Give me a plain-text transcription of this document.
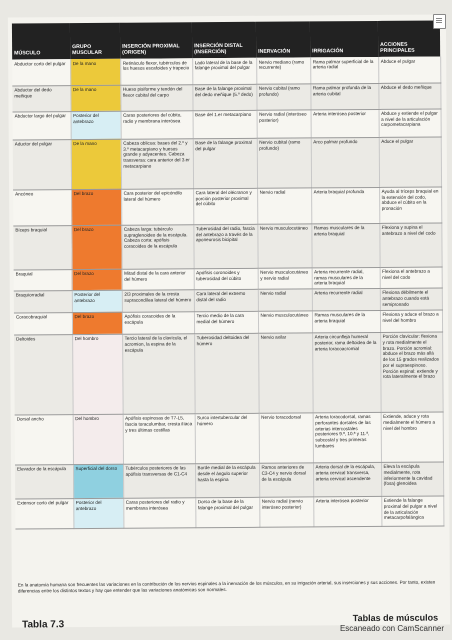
MÚSCULO	GRUPO MUSCULAR	INSERCIÓN PROXIMAL (ORIGEN)	INSERCIÓN DISTAL (INSERCIÓN)	INERVACIÓN	IRRIGACIÓN	ACCIONES PRINCIPALES
Abductor corto del pulgar	De la mano	Retináculo flexor, tubérculos de los huesos escafoides y trapecio	Lado lateral de la base de la falange proximal del pulgar	Nervio mediano (ramo recurrente)	Rama palmar superficial de la arteria radial	Abduce el pulgar
Abductor del dedo meñique	De la mano	Hueso pisiforme y tendón del flexor cubital del carpo	Base de la falange proximal del dedo meñique (5.º dedo)	Nervio cubital (ramo profundo)	Rama palmar profunda de la arteria cubital	Abduce el dedo meñique
Abductor largo del pulgar	Posterior del antebrazo	Caras posteriores del cúbito, radio y membrana interósea	Base del 1.er metacarpiano	Nervio radial (interóseo posterior)	Arteria interósea posterior	Abduce y extiende el pulgar a nivel de la articulación carpometacarpiana
Aductor del pulgar	De la mano	Cabeza oblicua: bases del 2.º y 3.º metacarpiano y huesos grande y adyacentes. Cabeza transversa: cara anterior del 3.er metacarpiano	Base de la falange proximal del pulgar	Nervio cubital (ramo profundo)	Arco palmar profundo	Aduce el pulgar
Ancóneo	Del brazo	Cara posterior del epicóndilo lateral del húmero	Cara lateral del olécranon y porción posterior proximal del cúbito	Nervio radial	Arteria braquial profunda	Ayuda al tríceps braquial en la extensión del codo, abduce el cúbito en la pronación
Bíceps braquial	Del brazo	Cabeza larga: tubérculo supraglenoideo de la escápula. Cabeza corta: apófisis coracoides de la escápula	Tuberosidad del radio, fascia del antebrazo a través de la aponeurosis bicipital	Nervio musculocutáneo	Ramas musculares de la arteria braquial	Flexiona y supina el antebrazo a nivel del codo
Braquial	Del brazo	Mitad distal de la cara anterior del húmero	Apófisis coronoides y tuberosidad del cúbito	Nervio musculocutáneo y nervio radial	Arteria recurrente radial, ramas musculares de la arteria braquial	Flexiona el antebrazo a nivel del codo
Braquiorradial	Posterior del antebrazo	2/3 proximales de la cresta supracondílea lateral del húmero	Cara lateral del extremo distal del radio	Nervio radial	Arteria recurrente radial	Flexiona débilmente el antebrazo cuando está semipronado
Coracobraquial	Del brazo	Apófisis coracoides de la escápula	Tercio medio de la cara medial del húmero	Nervio musculocutáneo	Ramas musculares de la arteria braquial	Flexiona y aduce el brazo a nivel del hombro
Deltoides	Del hombro	Tercio lateral de la clavícula, el acromion, la espina de la escápula	Tuberosidad deltoidea del húmero	Nervio axilar	Arteria circunfleja humeral posterior, rama deltoidea de la arteria toracoacromial	Porción clavicular: flexiona y rota medialmente el brazo. Porción acromial: abduce el brazo más allá de los 15 grados realizados por el supraespinoso. Porción espinal: extiende y rota lateralmente el brazo
Dorsal ancho	Del hombro	Apófisis espinosas de T7-L5, fascia toracolumbar, cresta ilíaca y tres últimas costillas	Surco intertubercular del húmero	Nervio toracodorsal	Arteria toracodorsal, ramas perforantes dorsales de las arterias intercostales posteriores 9.ª, 10.ª y 11.ª, subcostal y tres primeras lumbares	Extiende, aduce y rota medialmente el húmero a nivel del hombro
Elevador de la escápula	Superficial del dorso	Tubérculos posteriores de las apófisis transversas de C1-C4	Borde medial de la escápula desde el ángulo superior hasta la espina	Ramos anteriores de C3-C4 y nervio dorsal de la escápula	Arteria dorsal de la escápula, arteria cervical transversa, arteria cervical ascendente	Eleva la escápula medialmente, rota inferiormente la cavidad (fosa) glenoidea
Extensor corto del pulgar	Posterior del antebrazo	Caras posteriores del radio y membrana interósea	Dorso de la base de la falange proximal del pulgar	Nervio radial (nervio interóseo posterior)	Arteria interósea posterior	Extiende la falange proximal del pulgar a nivel de la articulación metacarpofalángica
En la anatomía humana son frecuentes las variaciones en la contribución de los nervios espinales a la inervación de los músculos, en su irrigación arterial, sus inserciones y sus acciones. Por tanto, existen diferencias entre los distintos textos y hay que entender que las variaciones anatómicas son normales.
Tabla 7.3
Tablas de músculos
Escaneado con CamScanner
